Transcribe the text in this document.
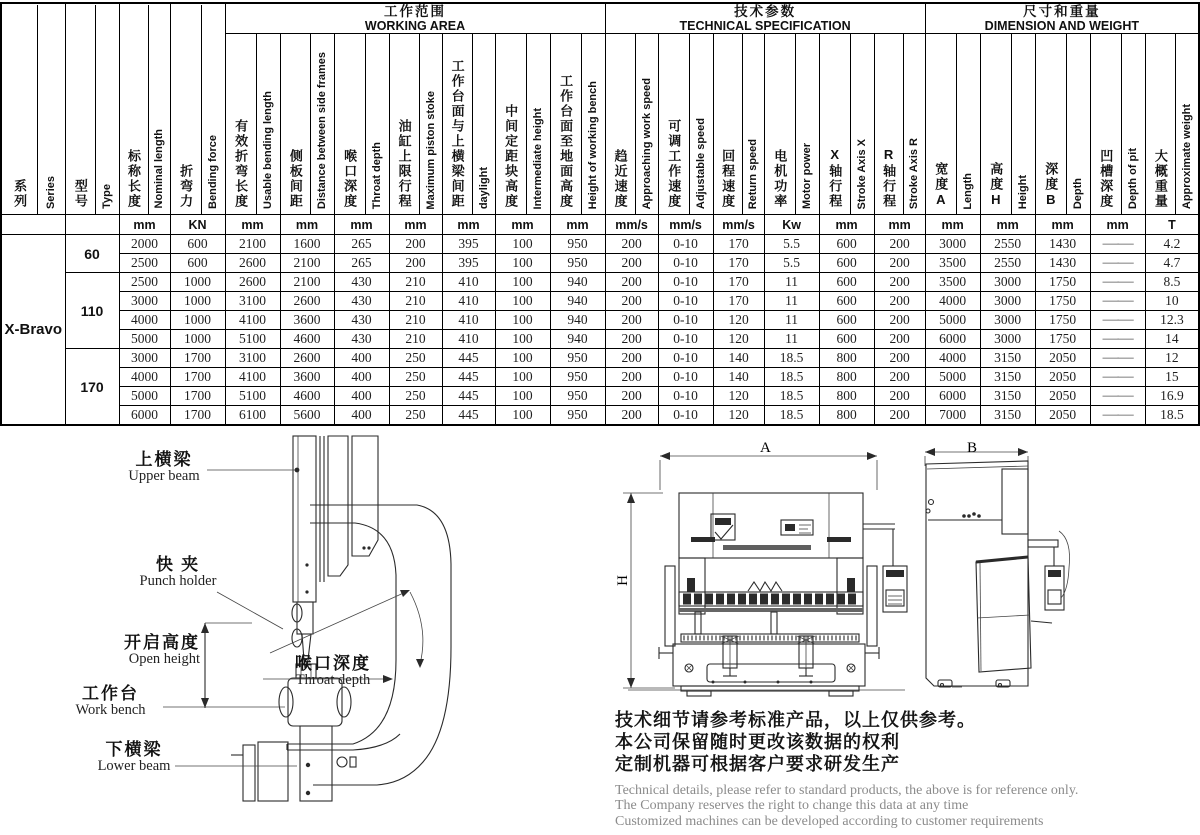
系列 Series	型号 Type	标称长度 Nominal length	折弯力 Bending force

工作范围
WORKING AREA

技术参数
TECHNICAL SPECIFICATION

尺寸和重量
DIMENSION AND WEIGHT

有效折弯长度 Usable bending length	侧板间距 Distance between side frames	喉口深度 Throat depth	油缸上限行程 Maximum piston stoke	工作台面与上横梁间距 daylight	中间定距块高度 Intermediate height	工作台面至地面高度 Height of working bench	趋近速度 Approaching work speed	可调工作速度 Adjustable speed	回程速度 Return speed	电机功率 Motor power	X轴行程 Stroke Axis X	R轴行程 Stroke Axis R	宽度A Length	高度H Height	深度B Depth	凹槽深度 Depth of pit	大概重量 Approximate weight

		mm	KN	mm	mm	mm	mm	mm	mm	mm	mm/s	mm/s	mm/s	Kw	mm	mm	mm	mm	mm	mm	T
X-Bravo	60	2000	600	2100	1600	265	200	395	100	950	200	0-10	170	5.5	600	200	3000	2550	1430	——	4.2
		2500	600	2600	2100	265	200	395	100	950	200	0-10	170	5.5	600	200	3500	2550	1430	——	4.7
	110	2500	1000	2600	2100	430	210	410	100	940	200	0-10	170	11	600	200	3500	3000	1750	——	8.5
		3000	1000	3100	2600	430	210	410	100	940	200	0-10	170	11	600	200	4000	3000	1750	——	10
		4000	1000	4100	3600	430	210	410	100	940	200	0-10	120	11	600	200	5000	3000	1750	——	12.3
		5000	1000	5100	4600	430	210	410	100	940	200	0-10	120	11	600	200	6000	3000	1750	——	14
	170	3000	1700	3100	2600	400	250	445	100	950	200	0-10	140	18.5	800	200	4000	3150	2050	——	12
		4000	1700	4100	3600	400	250	445	100	950	200	0-10	140	18.5	800	200	5000	3150	2050	——	15
		5000	1700	5100	4600	400	250	445	100	950	200	0-10	120	18.5	800	200	6000	3150	2050	——	16.9
		6000	1700	6100	5600	400	250	445	100	950	200	0-10	120	18.5	800	200	7000	3150	2050	——	18.5
上横梁
Upper beam
快 夹
Punch holder
开启高度
Open height	喉口深度
Throat depth
工作台
Work bench
下横梁
Lower beam
A	B
H

技术细节请参考标准产品，以上仅供参考。

本公司保留随时更改该数据的权利

定制机器可根据客户要求研发生产

Technical details, please refer to standard products, the above is for reference only.

The Company reserves the right to change this data at any time

Customized machines can be developed according to customer requirements
